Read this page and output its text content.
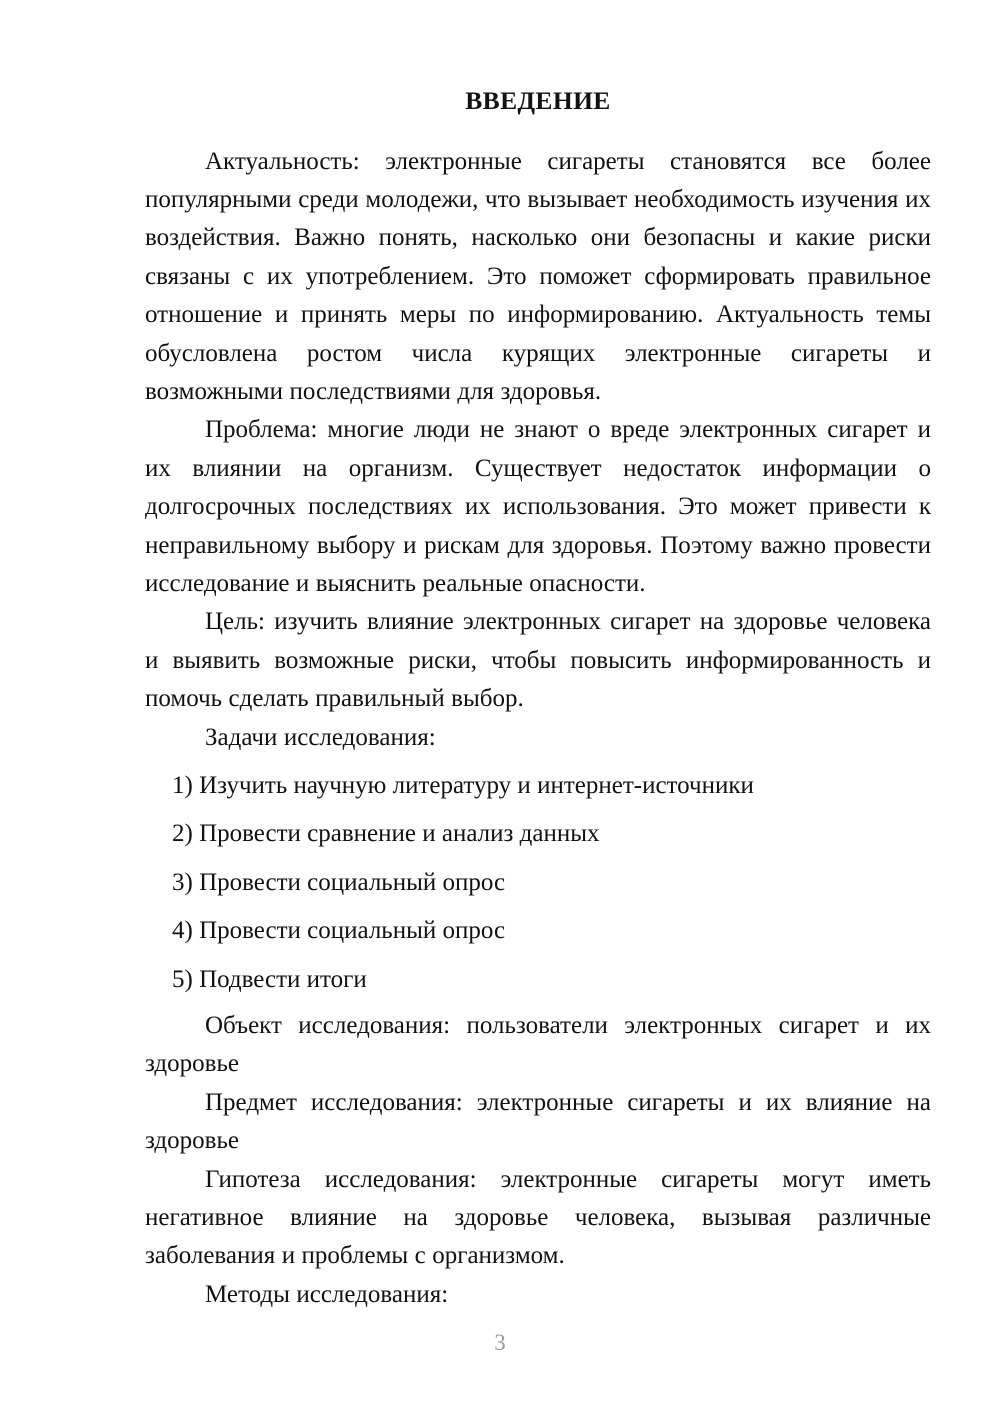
ВВЕДЕНИЕ

Актуальность: электронные сигареты становятся все более популярными среди молодежи, что вызывает необходимость изучения их воздействия. Важно понять, насколько они безопасны и какие риски связаны с их употреблением. Это поможет сформировать правильное отношение и принять меры по информированию. Актуальность темы обусловлена ростом числа курящих электронные сигареты и возможными последствиями для здоровья.

Проблема: многие люди не знают о вреде электронных сигарет и их влиянии на организм. Существует недостаток информации о долгосрочных последствиях их использования. Это может привести к неправильному выбору и рискам для здоровья. Поэтому важно провести исследование и выяснить реальные опасности.

Цель: изучить влияние электронных сигарет на здоровье человека и выявить возможные риски, чтобы повысить информированность и помочь сделать правильный выбор.

Задачи исследования:

1) Изучить научную литературу и интернет-источники
2) Провести сравнение и анализ данных
3) Провести социальный опрос
4) Провести социальный опрос
5) Подвести итоги

Объект исследования: пользователи электронных сигарет и их здоровье

Предмет исследования: электронные сигареты и их влияние на здоровье

Гипотеза исследования: электронные сигареты могут иметь негативное влияние на здоровье человека, вызывая различные заболевания и проблемы с организмом.

Методы исследования:

3
